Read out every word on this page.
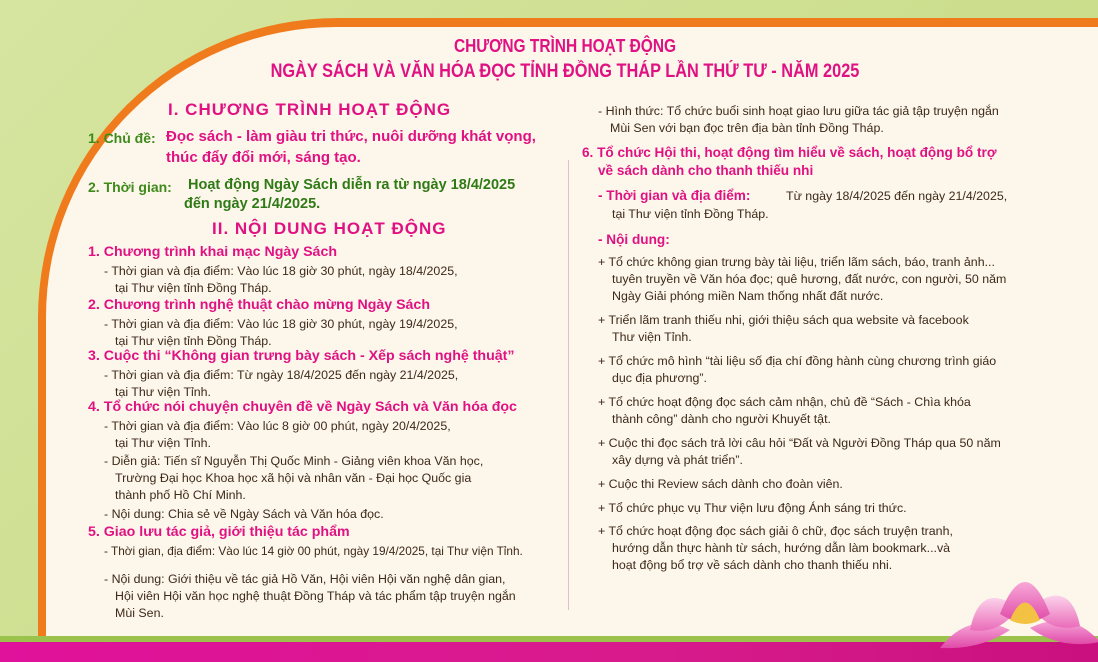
CHƯƠNG TRÌNH HOẠT ĐỘNG
NGÀY SÁCH VÀ VĂN HÓA ĐỌC TỈNH ĐỒNG THÁP LẦN THỨ TƯ - NĂM 2025
I. CHƯƠNG TRÌNH HOẠT ĐỘNG
1. Chủ đề: Đọc sách - làm giàu tri thức, nuôi dưỡng khát vọng,
thúc đẩy đổi mới, sáng tạo.
2. Thời gian: Hoạt động Ngày Sách diễn ra từ ngày 18/4/2025
đến ngày 21/4/2025.
II. NỘI DUNG HOẠT ĐỘNG
1. Chương trình khai mạc Ngày Sách
- Thời gian và địa điểm: Vào lúc 18 giờ 30 phút, ngày 18/4/2025,
tại Thư viện tỉnh Đồng Tháp.
2. Chương trình nghệ thuật chào mừng Ngày Sách
- Thời gian và địa điểm: Vào lúc 18 giờ 30 phút, ngày 19/4/2025,
tại Thư viện tỉnh Đồng Tháp.
3. Cuộc thi “Không gian trưng bày sách - Xếp sách nghệ thuật”
- Thời gian và địa điểm: Từ ngày 18/4/2025 đến ngày 21/4/2025,
tại Thư viện Tỉnh.
4. Tổ chức nói chuyện chuyên đề về Ngày Sách và Văn hóa đọc
- Thời gian và địa điểm: Vào lúc 8 giờ 00 phút, ngày 20/4/2025,
tại Thư viện Tỉnh.
- Diễn giả: Tiến sĩ Nguyễn Thị Quốc Minh - Giảng viên khoa Văn học,
Trường Đại học Khoa học xã hội và nhân văn - Đại học Quốc gia
thành phố Hồ Chí Minh.
- Nội dung: Chia sẻ về Ngày Sách và Văn hóa đọc.
5. Giao lưu tác giả, giới thiệu tác phẩm
- Thời gian, địa điểm: Vào lúc 14 giờ 00 phút, ngày 19/4/2025, tại Thư viện Tỉnh.
- Nội dung: Giới thiệu về tác giả Hồ Văn, Hội viên Hội văn nghệ dân gian,
Hội viên Hội văn học nghệ thuật Đồng Tháp và tác phẩm tập truyện ngắn
Mùi Sen.
- Hình thức: Tổ chức buổi sinh hoạt giao lưu giữa tác giả tập truyện ngắn
Mùi Sen với bạn đọc trên địa bàn tỉnh Đồng Tháp.
6. Tổ chức Hội thi, hoạt động tìm hiểu về sách, hoạt động bổ trợ
về sách dành cho thanh thiếu nhi
- Thời gian và địa điểm:	Từ ngày 18/4/2025 đến ngày 21/4/2025,
tại Thư viện tỉnh Đồng Tháp.
- Nội dung:
+ Tổ chức không gian trưng bày tài liệu, triển lãm sách, báo, tranh ảnh...
tuyên truyền về Văn hóa đọc; quê hương, đất nước, con người, 50 năm
Ngày Giải phóng miền Nam thống nhất đất nước.
+ Triển lãm tranh thiếu nhi, giới thiệu sách qua website và facebook
Thư viện Tỉnh.
+ Tổ chức mô hình “tài liệu số địa chí đồng hành cùng chương trình giáo
dục địa phương”.
+ Tổ chức hoạt động đọc sách cảm nhận, chủ đề “Sách - Chìa khóa
thành công” dành cho người Khuyết tật.
+ Cuộc thi đọc sách trả lời câu hỏi “Đất và Người Đồng Tháp qua 50 năm
xây dựng và phát triển”.
+ Cuộc thi Review sách dành cho đoàn viên.
+ Tổ chức phục vụ Thư viện lưu động Ánh sáng tri thức.
+ Tổ chức hoạt động đọc sách giải ô chữ, đọc sách truyện tranh,
hướng dẫn thực hành từ sách, hướng dẫn làm bookmark...và
hoạt động bổ trợ về sách dành cho thanh thiếu nhi.
